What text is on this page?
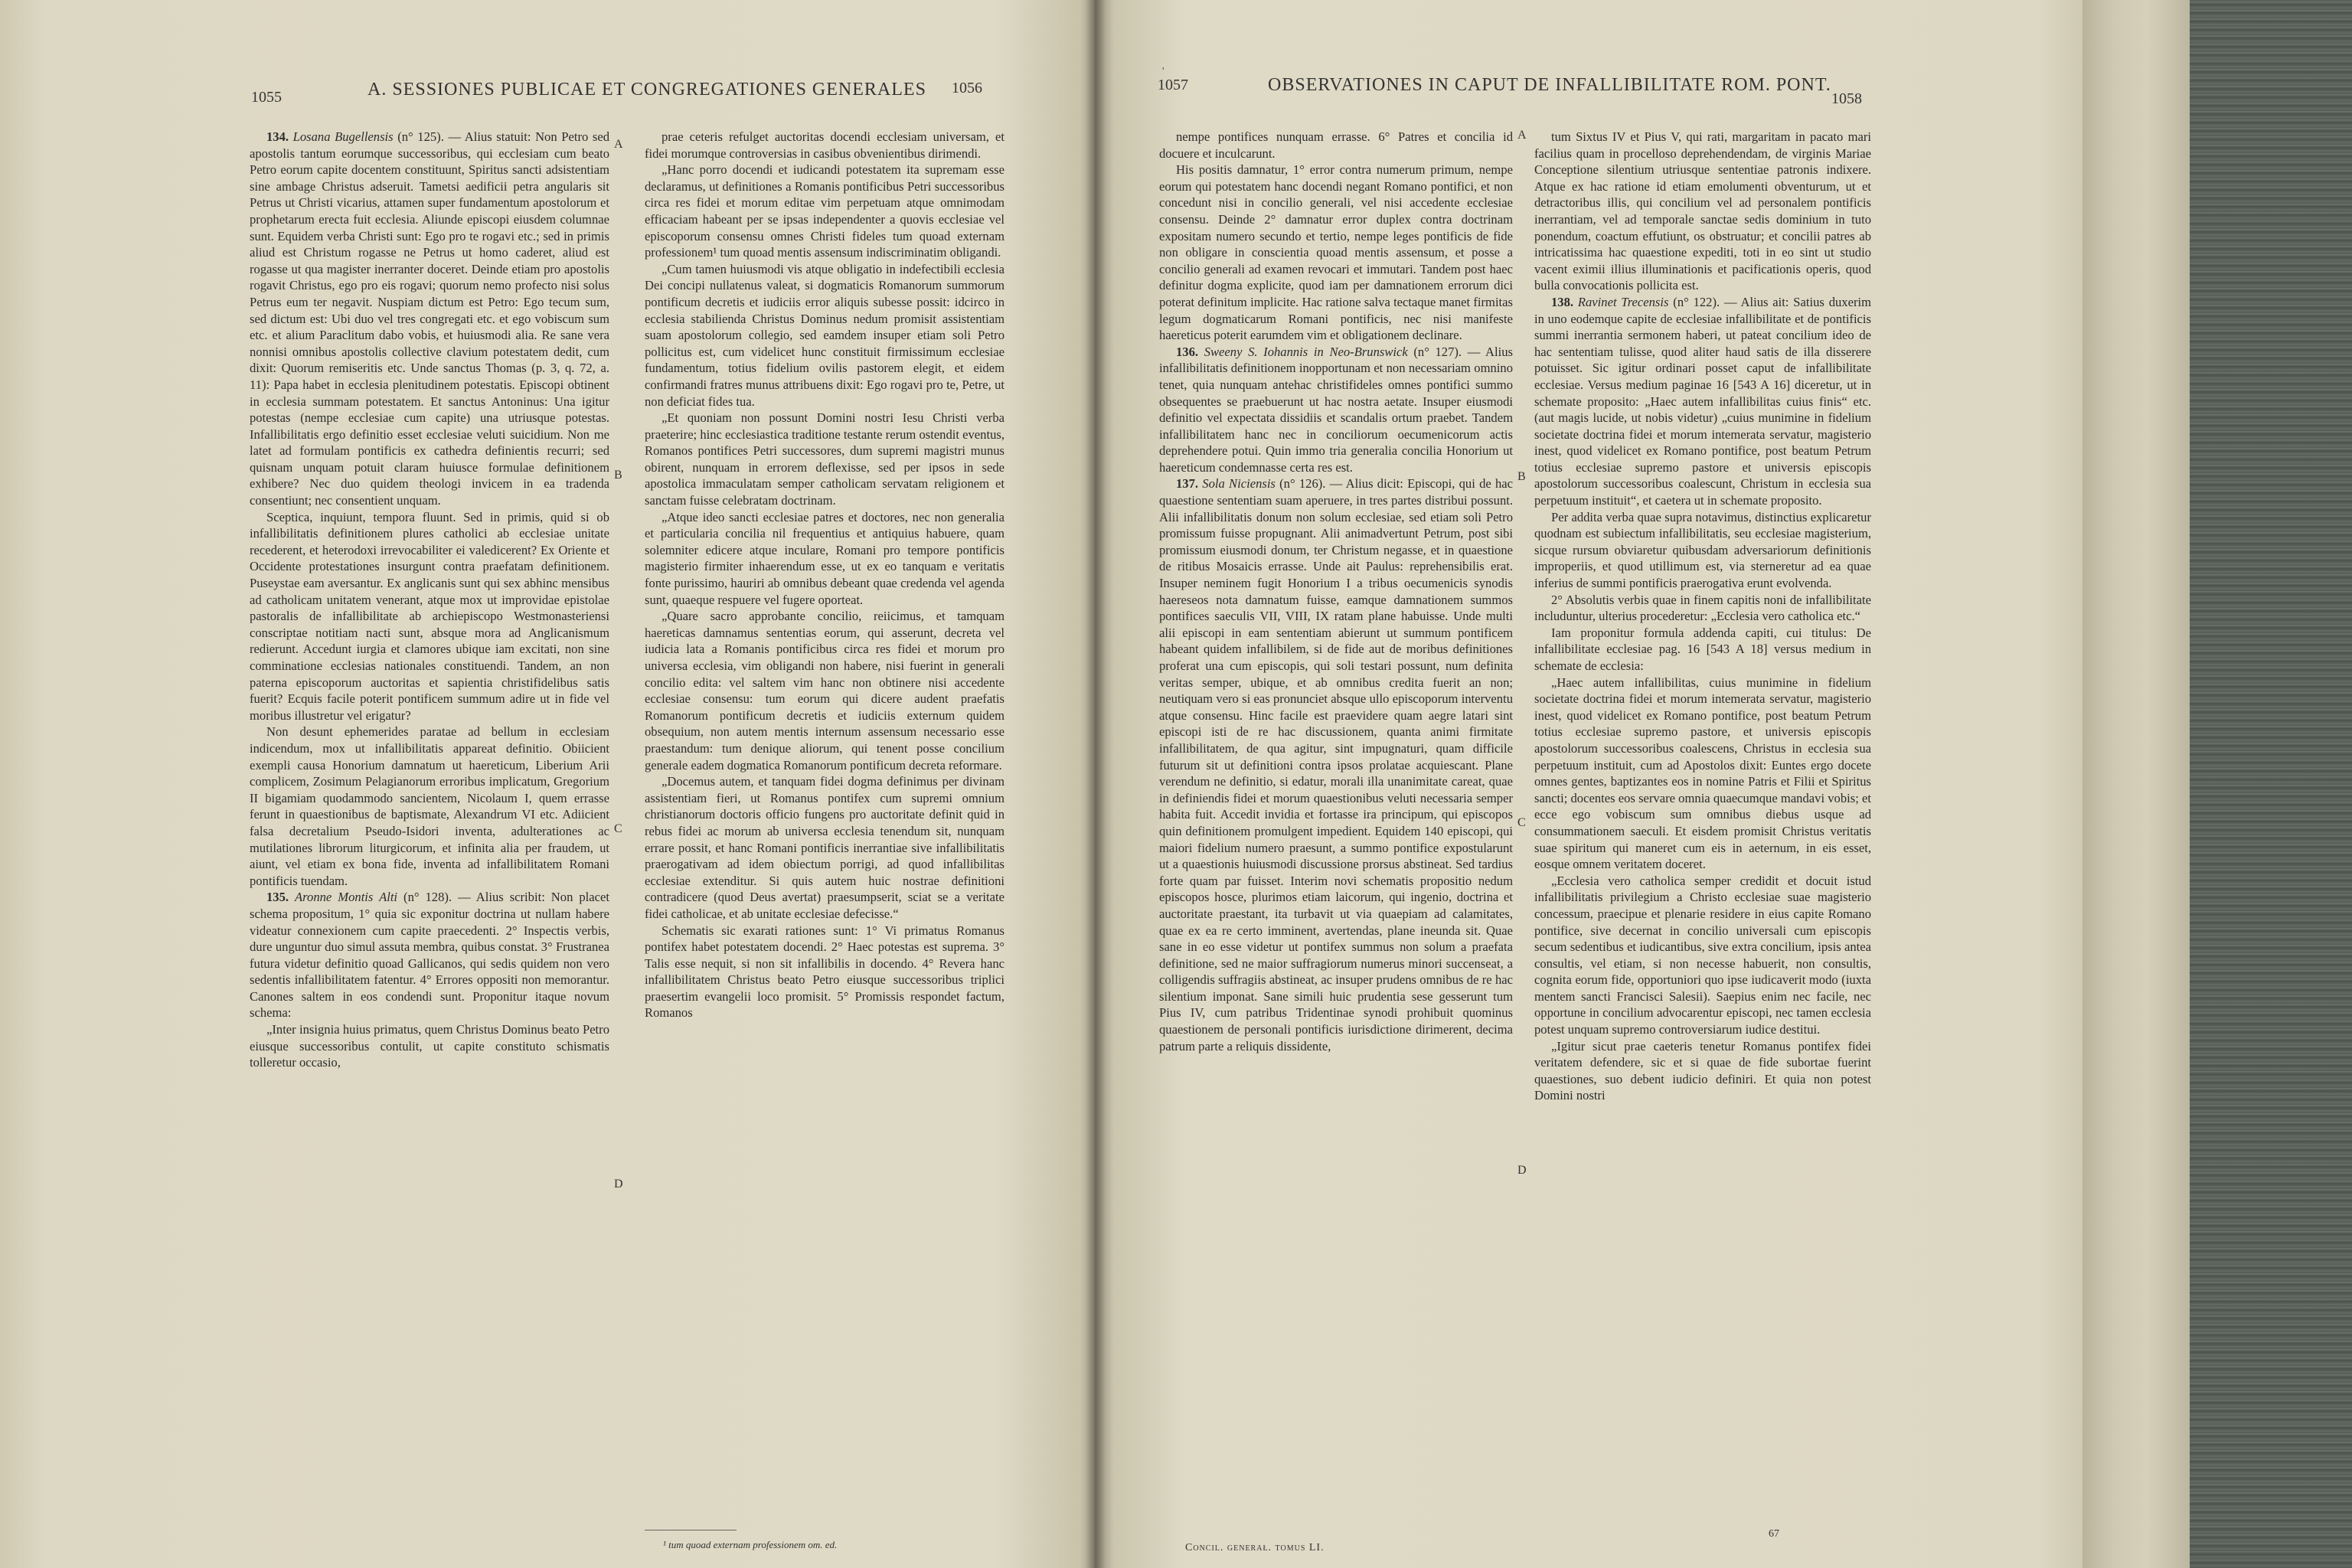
1055	A. SESSIONES PUBLICAE ET CONGREGATIONES GENERALES 1056

134. Losana Bugellensis (n° 125). — Alius statuit: Non Petro sed apostolis tantum eorumque successoribus, qui ecclesiam cum beato Petro eorum capite docentem constituunt, Spiritus sancti adsistentiam sine ambage Christus adseruit. Tametsi aedificii petra angularis sit Petrus ut Christi vicarius, attamen super fundamentum apostolorum et prophetarum erecta fuit ecclesia. Aliunde episcopi eiusdem columnae sunt. Equidem verba Christi sunt: Ego pro te rogavi etc.; sed in primis aliud est Christum rogasse ne Petrus ut homo caderet, aliud est rogasse ut qua magister inerranter doceret. Deinde etiam pro apostolis rogavit Christus, ego pro eis rogavi; quorum nemo profecto nisi solus Petrus eum ter negavit. Nuspiam dictum est Petro: Ego tecum sum, sed dictum est: Ubi duo vel tres congregati etc. et ego vobiscum sum etc. et alium Paraclitum dabo vobis, et huiusmodi alia. Re sane vera nonnisi omnibus apostolis collective clavium potestatem dedit, cum dixit: Quorum remiseritis etc. Unde sanctus Thomas (p. 3, q. 72, a. 11): Papa habet in ecclesia plenitudinem potestatis. Episcopi obtinent in ecclesia summam potestatem. Et sanctus Antoninus: Una igitur potestas (nempe ecclesiae cum capite) una utriusque potestas. Infallibilitatis ergo definitio esset ecclesiae veluti suicidium. Non me latet ad formulam pontificis ex cathedra definientis recurri; sed quisnam unquam potuit claram huiusce formulae definitionem exhibere? Nec duo quidem theologi invicem in ea tradenda consentiunt; nec consentient unquam.

Sceptica, inquiunt, tempora fluunt. Sed in primis, quid si ob infallibilitatis definitionem plures catholici ab ecclesiae unitate recederent, et heterodoxi irrevocabiliter ei valedicerent? Ex Oriente et Occidente protestationes insurgunt contra praefatam definitionem. Puseystae eam aversantur. Ex anglicanis sunt qui sex abhinc mensibus ad catholicam unitatem venerant, atque mox ut improvidae epistolae pastoralis de infallibilitate ab archiepiscopo Westmonasteriensi conscriptae notitiam nacti sunt, absque mora ad Anglicanismum redierunt. Accedunt iurgia et clamores ubique iam excitati, non sine comminatione ecclesias nationales constituendi. Tandem, an non paterna episcoporum auctoritas et sapientia christifidelibus satis fuerit? Ecquis facile poterit pontificem summum adire ut in fide vel moribus illustretur vel erigatur?

Non desunt ephemerides paratae ad bellum in ecclesiam indicendum, mox ut infallibilitatis appareat definitio. Obiicient exempli causa Honorium damnatum ut haereticum, Liberium Arii complicem, Zosimum Pelagianorum erroribus implicatum, Gregorium II bigamiam quodammodo sancientem, Nicolaum I, quem errasse ferunt in quaestionibus de baptismate, Alexandrum VI etc. Adiicient falsa decretalium Pseudo-Isidori inventa, adulterationes ac mutilationes librorum liturgicorum, et infinita alia per fraudem, ut aiunt, vel etiam ex bona fide, inventa ad infallibilitatem Romani pontificis tuendam.

135. Aronne Montis Alti (n° 128). — Alius scribit: Non placet schema propositum, 1° quia sic exponitur doctrina ut nullam habere videatur connexionem cum capite praecedenti. 2° Inspectis verbis, dure unguntur duo simul assuta membra, quibus constat. 3° Frustranea futura videtur definitio quoad Gallicanos, qui sedis quidem non vero sedentis infallibilitatem fatentur. 4° Errores oppositi non memorantur. Canones saltem in eos condendi sunt. Proponitur itaque novum schema:

„Inter insignia huius primatus, quem Christus Dominus beato Petro eiusque successoribus contulit, ut capite constituto schismatis tolleretur occasio,

prae ceteris refulget auctoritas docendi ecclesiam universam, et fidei morumque controversias in casibus obvenientibus dirimendi.

„Hanc porro docendi et iudicandi potestatem ita supremam esse declaramus, ut definitiones a Romanis pontificibus Petri successoribus circa res fidei et morum editae vim perpetuam atque omnimodam efficaciam habeant per se ipsas independenter a quovis ecclesiae vel episcoporum consensu omnes Christi fideles tum quoad externam professionem¹ tum quoad mentis assensum indiscriminatim obligandi.

„Cum tamen huiusmodi vis atque obligatio in indefectibili ecclesia Dei concipi nullatenus valeat, si dogmaticis Romanorum summorum pontificum decretis et iudiciis error aliquis subesse possit: idcirco in ecclesia stabilienda Christus Dominus nedum promisit assistentiam suam apostolorum collegio, sed eamdem insuper etiam soli Petro pollicitus est, cum videlicet hunc constituit firmissimum ecclesiae fundamentum, totius fidelium ovilis pastorem elegit, et eidem confirmandi fratres munus attribuens dixit: Ego rogavi pro te, Petre, ut non deficiat fides tua.

„Et quoniam non possunt Domini nostri Iesu Christi verba praeterire; hinc ecclesiastica traditione testante rerum ostendit eventus, Romanos pontifices Petri successores, dum supremi magistri munus obirent, nunquam in errorem deflexisse, sed per ipsos in sede apostolica immaculatam semper catholicam servatam religionem et sanctam fuisse celebratam doctrinam.

„Atque ideo sancti ecclesiae patres et doctores, nec non generalia et particularia concilia nil frequentius et antiquius habuere, quam solemniter edicere atque inculare, Romani pro tempore pontificis magisterio firmiter inhaerendum esse, ut ex eo tanquam e veritatis fonte purissimo, hauriri ab omnibus debeant quae credenda vel agenda sunt, quaeque respuere vel fugere oporteat.

„Quare sacro approbante concilio, reiicimus, et tamquam haereticas damnamus sententias eorum, qui asserunt, decreta vel iudicia lata a Romanis pontificibus circa res fidei et morum pro universa ecclesia, vim obligandi non habere, nisi fuerint in generali concilio edita: vel saltem vim hanc non obtinere nisi accedente ecclesiae consensu: tum eorum qui dicere audent praefatis Romanorum pontificum decretis et iudiciis externum quidem obsequium, non autem mentis internum assensum necessario esse praestandum: tum denique aliorum, qui tenent posse concilium generale eadem dogmatica Romanorum pontificum decreta reformare.

„Docemus autem, et tanquam fidei dogma definimus per divinam assistentiam fieri, ut Romanus pontifex cum supremi omnium christianorum doctoris officio fungens pro auctoritate definit quid in rebus fidei ac morum ab universa ecclesia tenendum sit, nunquam errare possit, et hanc Romani pontificis inerrantiae sive infallibilitatis praerogativam ad idem obiectum porrigi, ad quod infallibilitas ecclesiae extenditur. Si quis autem huic nostrae definitioni contradicere (quod Deus avertat) praesumpserit, sciat se a veritate fidei catholicae, et ab unitate ecclesiae defecisse.“

Schematis sic exarati rationes sunt: 1° Vi primatus Romanus pontifex habet potestatem docendi. 2° Haec potestas est suprema. 3° Talis esse nequit, si non sit infallibilis in docendo. 4° Revera hanc infallibilitatem Christus beato Petro eiusque successoribus triplici praesertim evangelii loco promisit. 5° Promissis respondet factum, Romanos

A
B
C
D
¹ tum quoad externam professionem om. ed.
'
1057	OBSERVATIONES IN CAPUT DE INFALLIBILITATE ROM. PONT.
1058

nempe pontifices nunquam errasse. 6° Patres et concilia id docuere et inculcarunt.

His positis damnatur, 1° error contra numerum primum, nempe eorum qui potestatem hanc docendi negant Romano pontifici, et non concedunt nisi in concilio generali, vel nisi accedente ecclesiae consensu. Deinde 2° damnatur error duplex contra doctrinam expositam numero secundo et tertio, nempe leges pontificis de fide non obligare in conscientia quoad mentis assensum, et posse a concilio generali ad examen revocari et immutari. Tandem post haec definitur dogma explicite, quod iam per damnationem errorum dici poterat definitum implicite. Hac ratione salva tectaque manet firmitas legum dogmaticarum Romani pontificis, nec nisi manifeste haereticus poterit earumdem vim et obligationem declinare.

136. Sweeny S. Iohannis in Neo-Brunswick (n° 127). — Alius infallibilitatis definitionem inopportunam et non necessariam omnino tenet, quia nunquam antehac christifideles omnes pontifici summo obsequentes se praebuerunt ut hac nostra aetate. Insuper eiusmodi definitio vel expectata dissidiis et scandalis ortum praebet. Tandem infallibilitatem hanc nec in conciliorum oecumenicorum actis deprehendere potui. Quin immo tria generalia concilia Honorium ut haereticum condemnasse certa res est.

137. Sola Niciensis (n° 126). — Alius dicit: Episcopi, qui de hac quaestione sententiam suam aperuere, in tres partes distribui possunt. Alii infallibilitatis donum non solum ecclesiae, sed etiam soli Petro promissum fuisse propugnant. Alii animadvertunt Petrum, post sibi promissum eiusmodi donum, ter Christum negasse, et in quaestione de ritibus Mosaicis errasse. Unde ait Paulus: reprehensibilis erat. Insuper neminem fugit Honorium I a tribus oecumenicis synodis haereseos nota damnatum fuisse, eamque damnationem summos pontifices saeculis VII, VIII, IX ratam plane habuisse. Unde multi alii episcopi in eam sententiam abierunt ut summum pontificem habeant quidem infallibilem, si de fide aut de moribus definitiones proferat una cum episcopis, qui soli testari possunt, num definita veritas semper, ubique, et ab omnibus credita fuerit an non; neutiquam vero si eas pronunciet absque ullo episcoporum interventu atque consensu. Hinc facile est praevidere quam aegre latari sint episcopi isti de re hac discussionem, quanta animi firmitate infallibilitatem, de qua agitur, sint impugnaturi, quam difficile futurum sit ut definitioni contra ipsos prolatae acquiescant. Plane verendum ne definitio, si edatur, morali illa unanimitate careat, quae in definiendis fidei et morum quaestionibus veluti necessaria semper habita fuit. Accedit invidia et fortasse ira principum, qui episcopos quin definitionem promulgent impedient. Equidem 140 episcopi, qui maiori fidelium numero praesunt, a summo pontifice expostularunt ut a quaestionis huiusmodi discussione prorsus abstineat. Sed tardius forte quam par fuisset. Interim novi schematis propositio nedum episcopos hosce, plurimos etiam laicorum, qui ingenio, doctrina et auctoritate praestant, ita turbavit ut via quaepiam ad calamitates, quae ex ea re certo imminent, avertendas, plane ineunda sit. Quae sane in eo esse videtur ut pontifex summus non solum a praefata definitione, sed ne maior suffragiorum numerus minori succenseat, a colligendis suffragiis abstineat, ac insuper prudens omnibus de re hac silentium imponat. Sane simili huic prudentia sese gesserunt tum Pius IV, cum patribus Tridentinae synodi prohibuit quominus quaestionem de personali pontificis iurisdictione dirimerent, decima patrum parte a reliquis dissidente,

tum Sixtus IV et Pius V, qui rati, margaritam in pacato mari facilius quam in procelloso deprehendendam, de virginis Mariae Conceptione silentium utriusque sententiae patronis indixere. Atque ex hac ratione id etiam emolumenti obventurum, ut et detractoribus illis, qui concilium vel ad personalem pontificis inerrantiam, vel ad temporale sanctae sedis dominium in tuto ponendum, coactum effutiunt, os obstruatur; et concilii patres ab intricatissima hac quaestione expediti, toti in eo sint ut studio vacent eximii illius illuminationis et pacificationis operis, quod bulla convocationis pollicita est.

138. Ravinet Trecensis (n° 122). — Alius ait: Satius duxerim in uno eodemque capite de ecclesiae infallibilitate et de pontificis summi inerrantia sermonem haberi, ut pateat concilium ideo de hac sententiam tulisse, quod aliter haud satis de illa disserere potuisset. Sic igitur ordinari posset caput de infallibilitate ecclesiae. Versus medium paginae 16 [543 A 16] diceretur, ut in schemate proposito: „Haec autem infallibilitas cuius finis“ etc. (aut magis lucide, ut nobis videtur) „cuius munimine in fidelium societate doctrina fidei et morum intemerata servatur, magisterio inest, quod videlicet ex Romano pontifice, post beatum Petrum totius ecclesiae supremo pastore et universis episcopis apostolorum successoribus coalescunt, Christum in ecclesia sua perpetuum instituit“, et caetera ut in schemate proposito.

Per addita verba quae supra notavimus, distinctius explicaretur quodnam est subiectum infallibilitatis, seu ecclesiae magisterium, sicque rursum obviaretur quibusdam adversariorum definitionis improperiis, et quod utillimum est, via sterneretur ad ea quae inferius de summi pontificis praerogativa erunt evolvenda.

2° Absolutis verbis quae in finem capitis noni de infallibilitate includuntur, ulterius procederetur: „Ecclesia vero catholica etc.“

Iam proponitur formula addenda capiti, cui titulus: De infallibilitate ecclesiae pag. 16 [543 A 18] versus medium in schemate de ecclesia:

„Haec autem infallibilitas, cuius munimine in fidelium societate doctrina fidei et morum intemerata servatur, magisterio inest, quod videlicet ex Romano pontifice, post beatum Petrum totius ecclesiae supremo pastore, et universis episcopis apostolorum successoribus coalescens, Christus in ecclesia sua perpetuum instituit, cum ad Apostolos dixit: Euntes ergo docete omnes gentes, baptizantes eos in nomine Patris et Filii et Spiritus sancti; docentes eos servare omnia quaecumque mandavi vobis; et ecce ego vobiscum sum omnibus diebus usque ad consummationem saeculi. Et eisdem promisit Christus veritatis suae spiritum qui maneret cum eis in aeternum, in eis esset, eosque omnem veritatem doceret.

„Ecclesia vero catholica semper credidit et docuit istud infallibilitatis privilegium a Christo ecclesiae suae magisterio concessum, praecipue et plenarie residere in eius capite Romano pontifice, sive decernat in concilio universali cum episcopis secum sedentibus et iudicantibus, sive extra concilium, ipsis antea consultis, vel etiam, si non necesse habuerit, non consultis, cognita eorum fide, opportuniori quo ipse iudicaverit modo (iuxta mentem sancti Francisci Salesii). Saepius enim nec facile, nec opportune in concilium advocarentur episcopi, nec tamen ecclesia potest unquam supremo controversiarum iudice destitui.

„Igitur sicut prae caeteris tenetur Romanus pontifex fidei veritatem defendere, sic et si quae de fide subortae fuerint quaestiones, suo debent iudicio definiri. Et quia non potest Domini nostri

A
B
C
D
Concil. generał. tomus LI.
67
